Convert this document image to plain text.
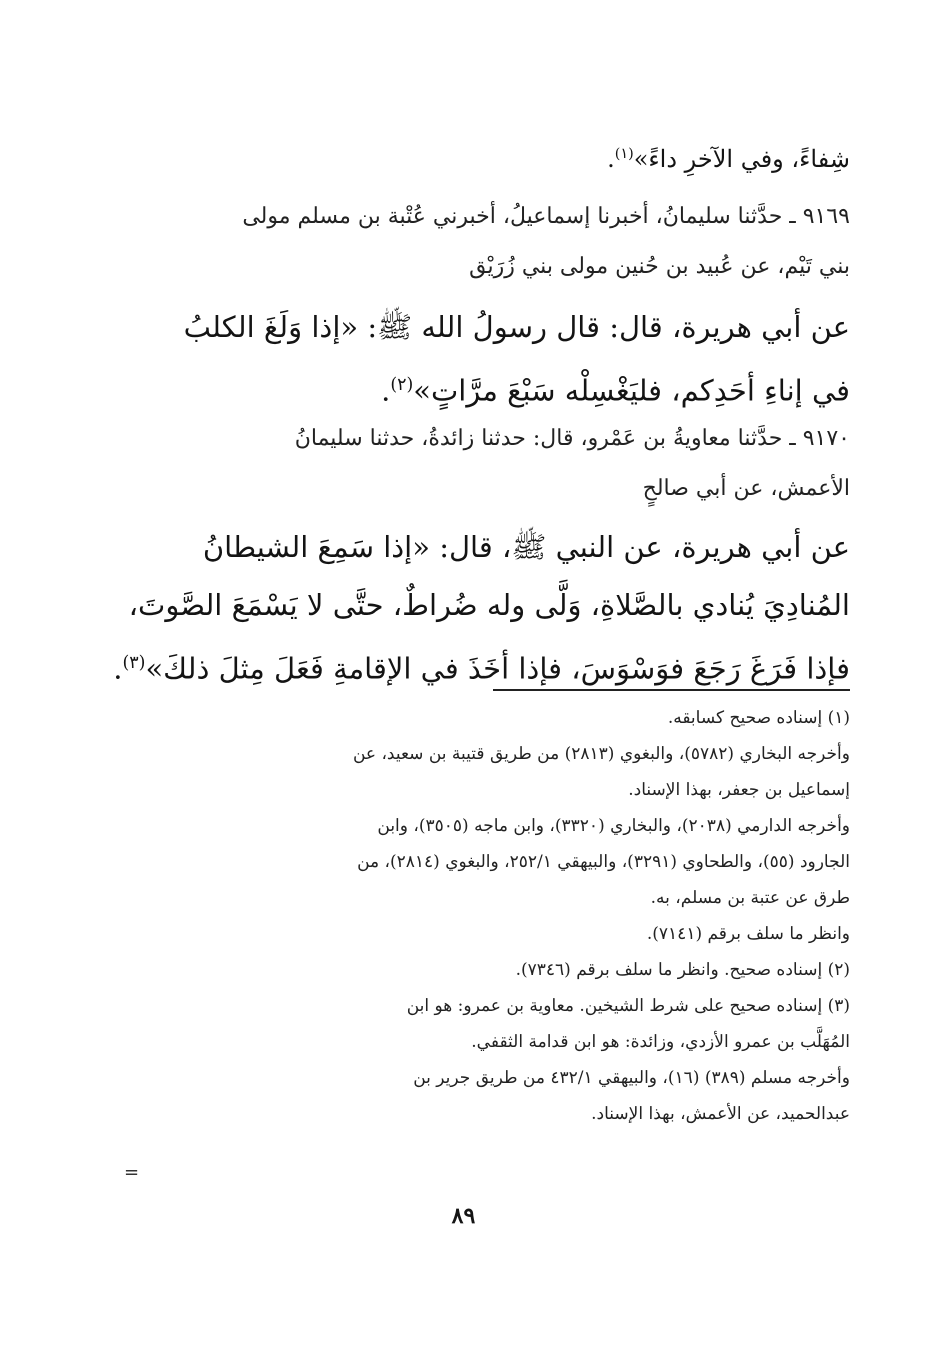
شِفاءً، وفي الآخرِ داءً»$^{(١)}$.
٩١٦٩ ـ حدَّثنا سليمانُ، أخبرنا إسماعيلُ، أخبرني عُتْبة بن مسلم مولى
بني تَيْم، عن عُبيد بن حُنين مولى بني زُرَيْق
عن أبي هريرة، قال: قال رسولُ الله ﷺ: «إذا وَلَغَ الكلبُ
في إناءِ أحَدِكم، فليَغْسِلْه سَبْعَ مرَّاتٍ»$^{(٢)}$.
٩١٧٠ ـ حدَّثنا معاويةُ بن عَمْرو، قال: حدثنا زائدةُ، حدثنا سليمانُ
الأعمش، عن أبي صالحٍ
عن أبي هريرة، عن النبي ﷺ، قال: «إذا سَمِعَ الشيطانُ
المُنادِيَ يُنادي بالصَّلاةِ، وَلَّى وله ضُراطٌ، حتَّى لا يَسْمَعَ الصَّوتَ،
فإذا فَرَغَ رَجَعَ فوَسْوَسَ، فإذا أخَذَ في الإقامةِ فَعَلَ مِثلَ ذلكَ»$^{(٣)}$.
(١) إسناده صحيح كسابقه.
وأخرجه البخاري (٥٧٨٢)، والبغوي (٢٨١٣) من طريق قتيبة بن سعيد، عن
إسماعيل بن جعفر، بهذا الإسناد.
وأخرجه الدارمي (٢٠٣٨)، والبخاري (٣٣٢٠)، وابن ماجه (٣٥٠٥)، وابن
الجارود (٥٥)، والطحاوي (٣٢٩١)، والبيهقي ٢٥٢/١، والبغوي (٢٨١٤)، من
طرق عن عتبة بن مسلم، به.
وانظر ما سلف برقم (٧١٤١).
(٢) إسناده صحيح. وانظر ما سلف برقم (٧٣٤٦).
(٣) إسناده صحيح على شرط الشيخين. معاوية بن عمرو: هو ابن
المُهَلَّب بن عمرو الأزدي، وزائدة: هو ابن قدامة الثقفي.
وأخرجه مسلم (٣٨٩) (١٦)، والبيهقي ٤٣٢/١ من طريق جرير بن
عبدالحميد، عن الأعمش، بهذا الإسناد.
=
٨٩
